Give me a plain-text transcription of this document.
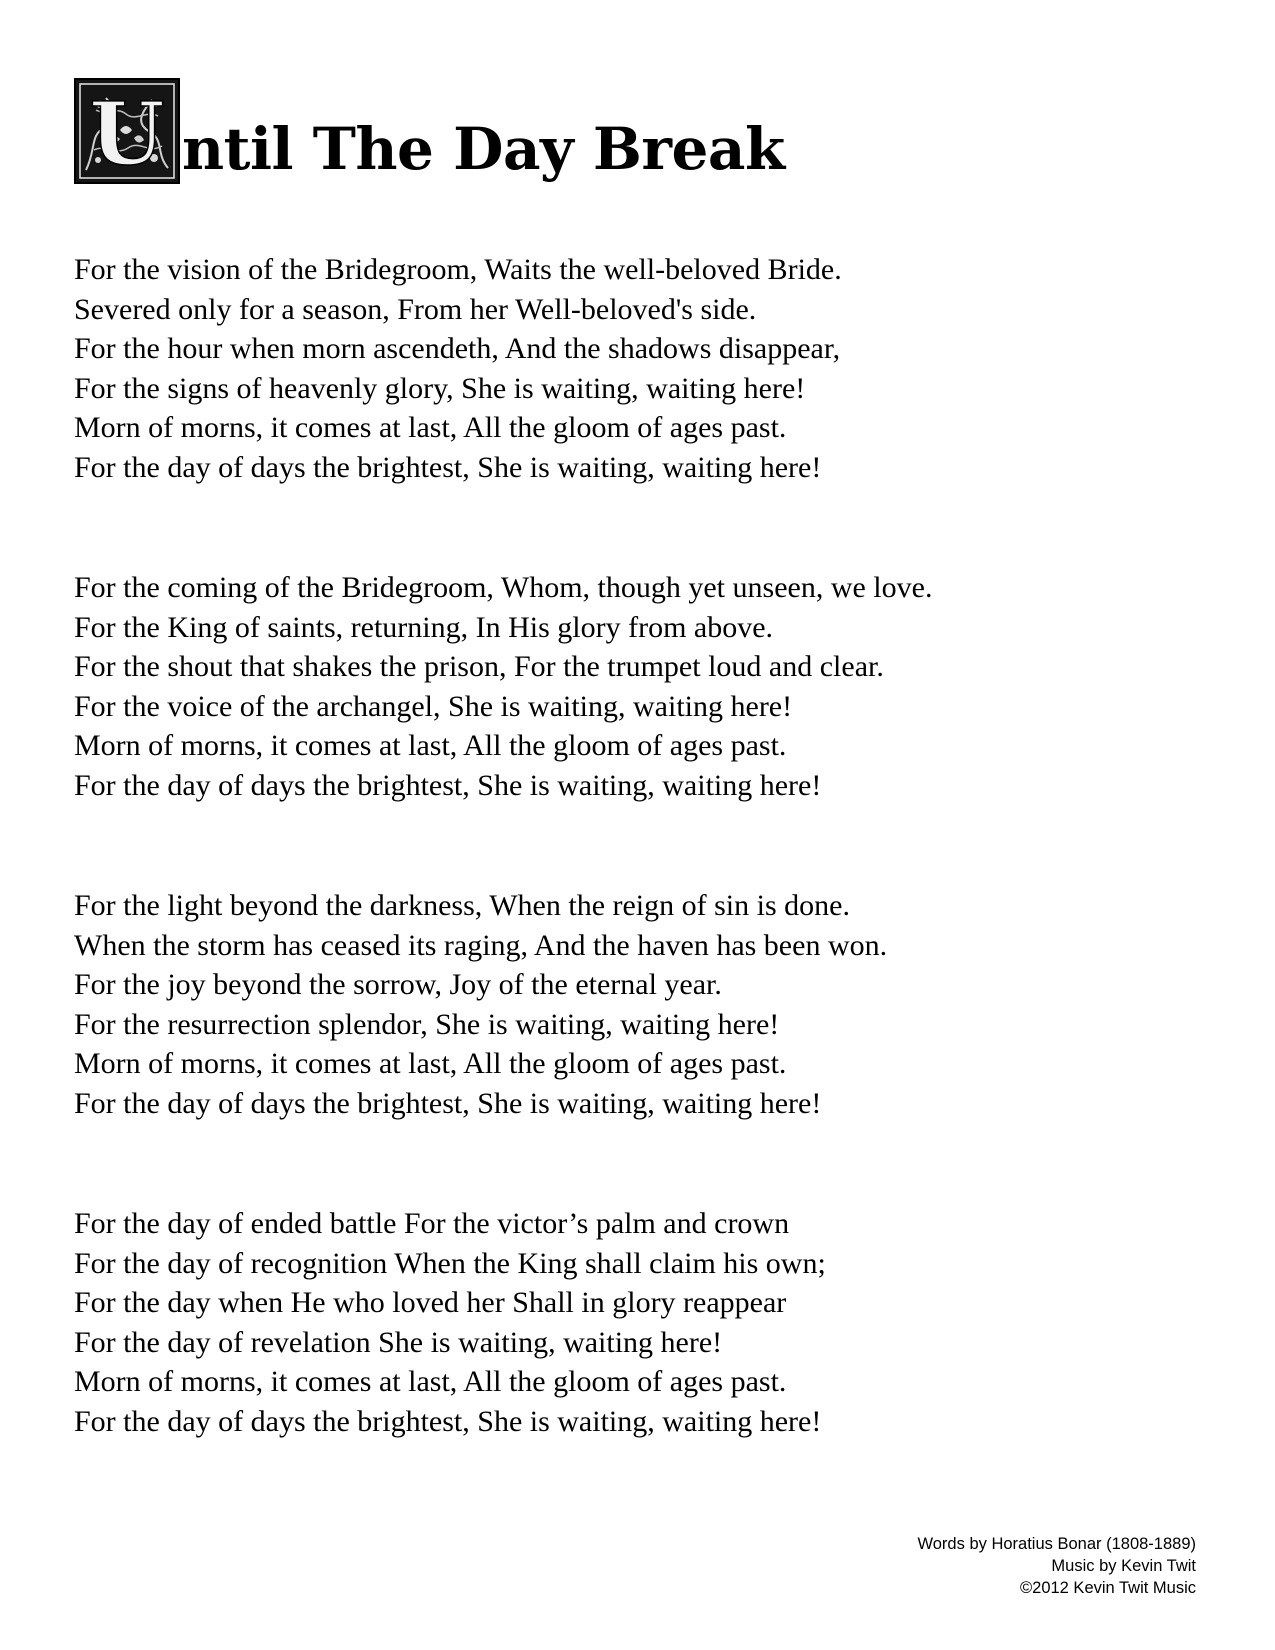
U ntil The Day Break
For the vision of the Bridegroom, Waits the well-beloved Bride.
Severed only for a season, From her Well-beloved's side.
For the hour when morn ascendeth, And the shadows disappear,
For the signs of heavenly glory, She is waiting, waiting here!
Morn of morns, it comes at last, All the gloom of ages past.
For the day of days the brightest, She is waiting, waiting here!
For the coming of the Bridegroom, Whom, though yet unseen, we love.
For the King of saints, returning, In His glory from above.
For the shout that shakes the prison, For the trumpet loud and clear.
For the voice of the archangel, She is waiting, waiting here!
Morn of morns, it comes at last, All the gloom of ages past.
For the day of days the brightest, She is waiting, waiting here!
For the light beyond the darkness, When the reign of sin is done.
When the storm has ceased its raging, And the haven has been won.
For the joy beyond the sorrow, Joy of the eternal year.
For the resurrection splendor, She is waiting, waiting here!
Morn of morns, it comes at last, All the gloom of ages past.
For the day of days the brightest, She is waiting, waiting here!
For the day of ended battle For the victor’s palm and crown
For the day of recognition When the King shall claim his own;
For the day when He who loved her Shall in glory reappear
For the day of revelation She is waiting, waiting here!
Morn of morns, it comes at last, All the gloom of ages past.
For the day of days the brightest, She is waiting, waiting here!
Words by Horatius Bonar (1808-1889)
Music by Kevin Twit
©2012 Kevin Twit Music
